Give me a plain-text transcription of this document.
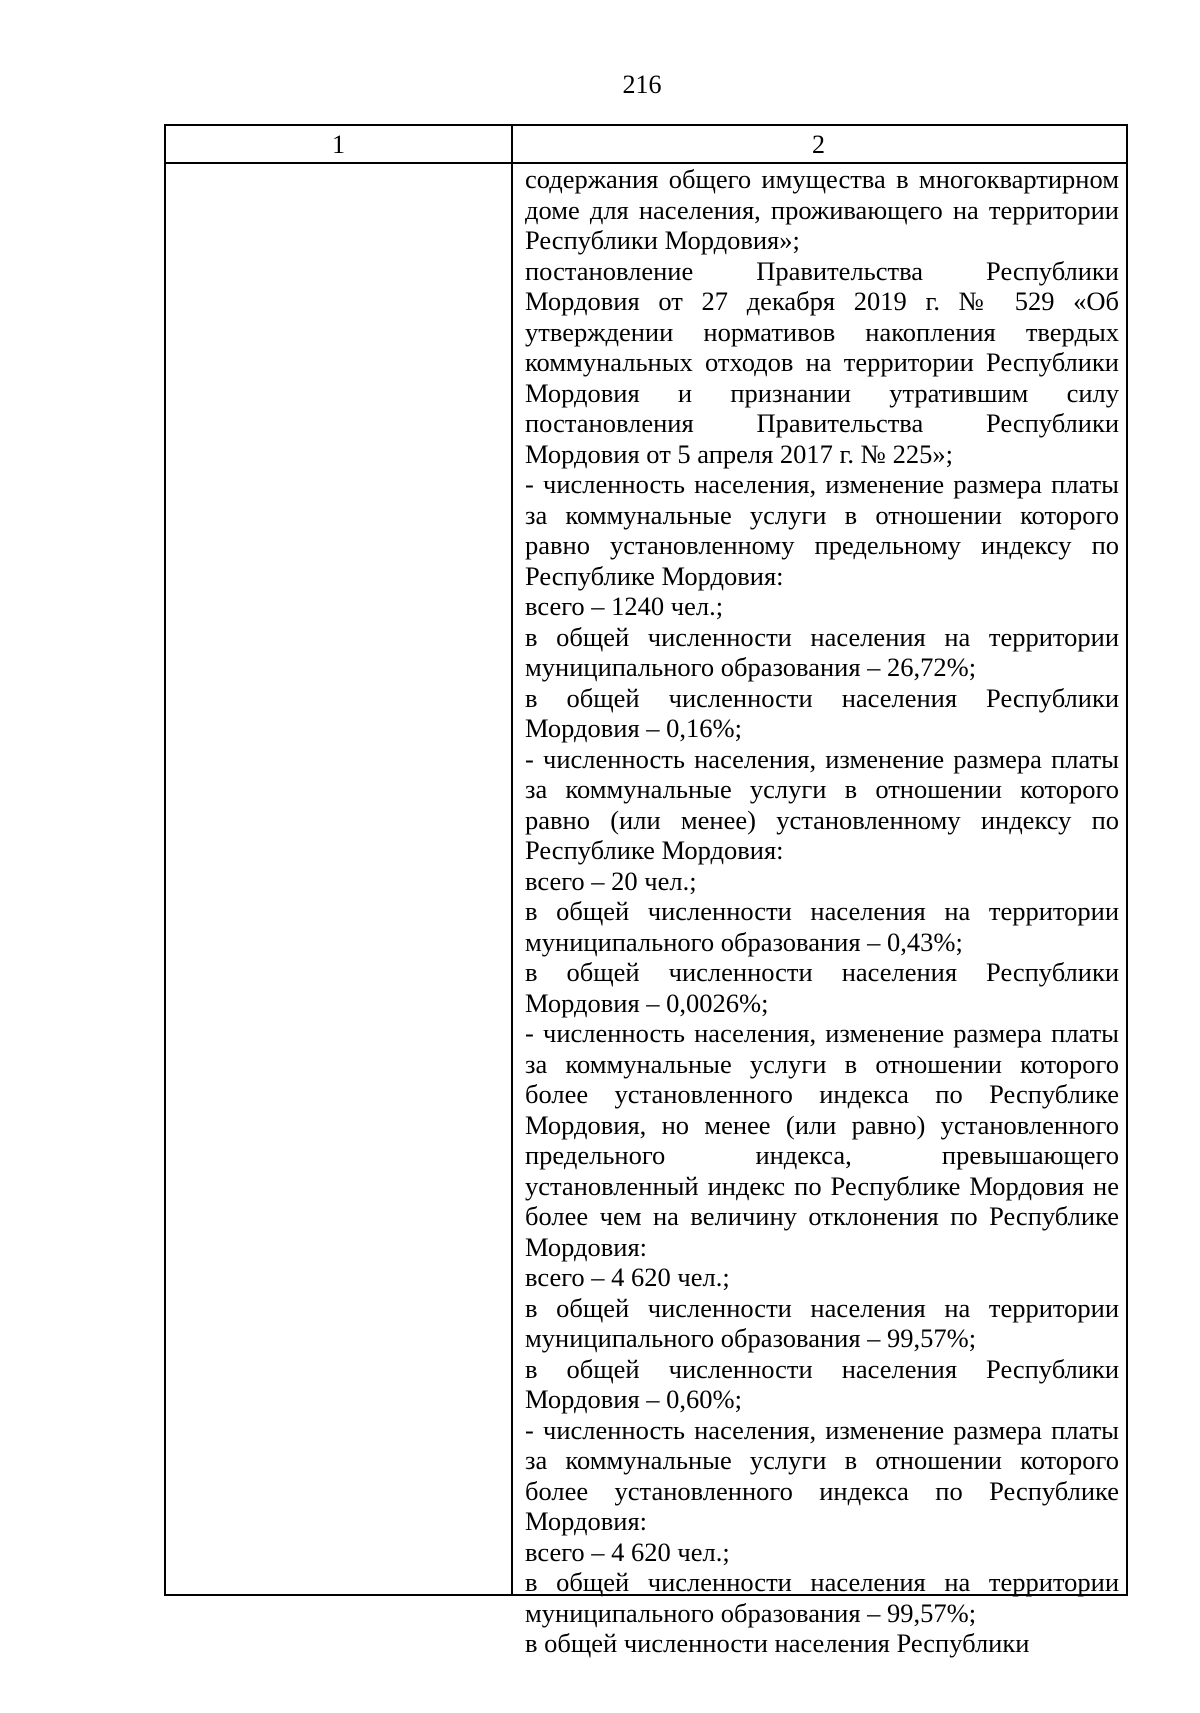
216
1	2

содержания общего имущества в многоквартирном доме для населения, проживающего на территории Республики Мордовия»;

постановление Правительства Республики Мордовия от 27 декабря 2019 г. № 529 «Об утверждении нормативов накопления твердых коммунальных отходов на территории Республики Мордовия и признании утратившим силу постановления Правительства Республики Мордовия от 5 апреля 2017 г. № 225»;

- численность населения, изменение размера платы за коммунальные услуги в отношении которого равно установленному предельному индексу по Республике Мордовия:

всего – 1240 чел.;

в общей численности населения на территории муниципального образования – 26,72%;

в общей численности населения Республики Мордовия – 0,16%;

- численность населения, изменение размера платы за коммунальные услуги в отношении которого равно (или менее) установленному индексу по Республике Мордовия:

всего – 20 чел.;

в общей численности населения на территории муниципального образования – 0,43%;

в общей численности населения Республики Мордовия – 0,0026%;

- численность населения, изменение размера платы за коммунальные услуги в отношении которого более установленного индекса по Республике Мордовия, но менее (или равно) установленного предельного индекса, превышающего установленный индекс по Республике Мордовия не более чем на величину отклонения по Республике Мордовия:

всего – 4 620 чел.;

в общей численности населения на территории муниципального образования – 99,57%;

в общей численности населения Республики Мордовия – 0,60%;

- численность населения, изменение размера платы за коммунальные услуги в отношении которого более установленного индекса по Республике Мордовия:

всего – 4 620 чел.;

в общей численности населения на территории муниципального образования – 99,57%;

в общей численности населения Республики
